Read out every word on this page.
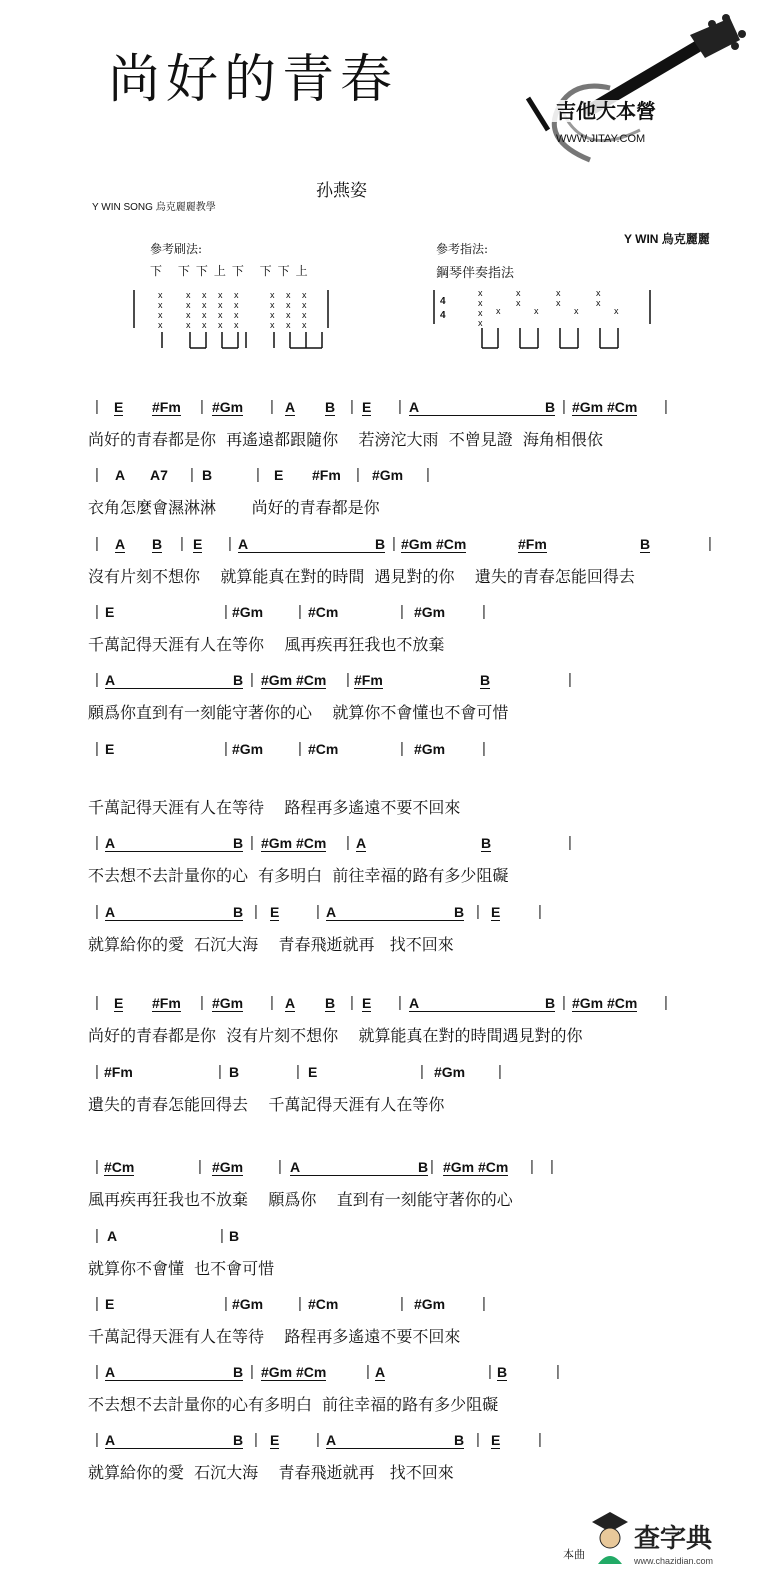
尚好的青春
吉他大本營
WWW.JITAY.COM
Y WIN SONG 烏克麗麗教學
孙燕姿
Y WIN 烏克麗麗
參考刷法:
下 下下上下 下下上
x
x
x
x
x
x
x
x
x
x
x
x
x
x
x
x
x
x
x
x
x
x
x
x
x
x
x
x
x
x
x
x
參考指法:
鋼琴伴奏指法
4
4
x
x
x
x
x
x
x
x
x
x
x
x
x
x
|	|	|	|	|	|	|
E #Fm #Gm	A B E	A	B #Gm #Cm
尚好的青春都是你  再遙遠都跟隨你    若滂沱大雨  不曾見證  海角相偎依
|	|	|	|	|
A A7 B	E #Fm #Gm
衣角怎麼會濕淋淋       尚好的青春都是你
|	|	|	|	|
A B E	A	B #Gm #Cm	#Fm	B
沒有片刻不想你    就算能真在對的時間  遇見對的你    遺失的青春怎能回得去
|	|	|	|	|
E	#Gm	#Cm	#Gm
千萬記得天涯有人在等你    風再疾再狂我也不放棄
|	|	|	|
A	B #Gm #Cm #Fm	B
願爲你直到有一刻能守著你的心    就算你不會懂也不會可惜
|	|	|	|	|
E	#Gm	#Cm	#Gm
千萬記得天涯有人在等待    路程再多遙遠不要不回來
|	|	|	|
A	B #Gm #Cm A	B
不去想不去計量你的心  有多明白  前往幸福的路有多少阻礙
|	|	|	|	|
A	B E	A	B E
就算給你的愛  石沉大海    青春飛逝就再   找不回來
|	|	|	|	|	|	|
E #Fm #Gm	A B E	A	B #Gm #Cm
尚好的青春都是你  沒有片刻不想你    就算能真在對的時間遇見對的你
|	|	|	|	|
#Fm	B	E	#Gm
遺失的青春怎能回得去    千萬記得天涯有人在等你
|	|	|	|	| |
#Cm	#Gm	A	B #Gm #Cm
風再疾再狂我也不放棄    願爲你    直到有一刻能守著你的心
|	|
A	B
就算你不會懂  也不會可惜
|	|	|	|	|
E	#Gm	#Cm	#Gm
千萬記得天涯有人在等待    路程再多遙遠不要不回來
|	|	|	|	|
A	B #Gm #Cm	A	B
不去想不去計量你的心有多明白  前往幸福的路有多少阻礙
|	|	|	|	|
A	B E	A	B E
就算給你的愛  石沉大海    青春飛逝就再   找不回來
本曲
查字典
www.chazidian.com
